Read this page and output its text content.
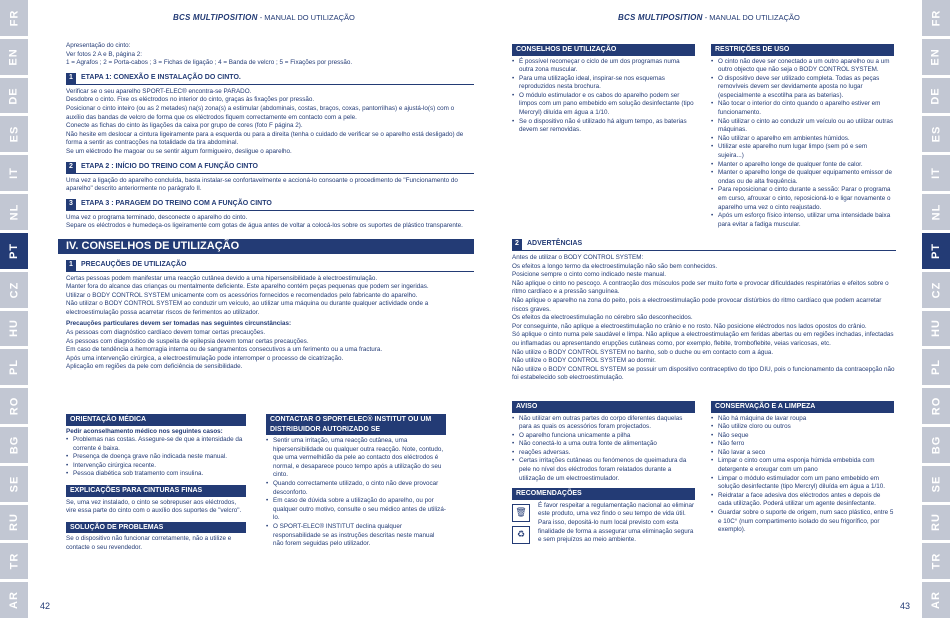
FR
EN
DE
ES
IT
NL
PT
CZ
HU
PL
RO
BG
SE
RU
TR
AR
FR
EN
DE
ES
IT
NL
PT
CZ
HU
PL
RO
BG
SE
RU
TR
AR
BCS MULTIPOSITION - MANUAL DO UTILIZAÇÃO	BCS MULTIPOSITION - MANUAL DO UTILIZAÇÃO

Apresentação do cinto:

Ver fotos 2 A e B, página 2:

1 = Agrafos ; 2 = Porta-cabos ; 3 = Fichas de ligação ; 4 = Banda de velcro ; 5 = Fixações por pressão.

1	ETAPA 1: CONEXÃO E INSTALAÇÃO DO CINTO.

Verificar se o seu aparelho SPORT-ELEC® encontra-se PARADO.

Desdobre o cinto. Fixe os eléctrodos no interior do cinto, graças às fixações por pressão.

Posicionar o cinto inteiro (ou as 2 metades) na(s) zona(s) a estimular (abdominais, costas, braços, coxas, pantorrilhas) e ajustá-lo(s) com o auxílio das bandas de velcro de forma que os eléctrodos fiquem correctamente em contacto com a pele.

Conecte as fichas do cinto às ligações da caixa por grupo de cores (foto F página 2).

Não hesite em deslocar a cintura ligeiramente para a esquerda ou para a direita (tenha o cuidado de verificar se o aparelho está desligado) de forma a sentir as contracções na totalidade da tira abdominal.

Se um eléctrodo lhe magoar ou se sentir algum formigueiro, desligue o aparelho.

2	ETAPA 2 : INÍCIO DO TREINO COM A FUNÇÃO CINTO

Uma vez a ligação do aparelho concluída, basta instalar-se confortavelmente e accioná-lo consoante o procedimento de "Funcionamento do aparelho" descrito anteriormente no parágrafo II.

3	ETAPA 3 : PARAGEM DO TREINO COM A FUNÇÃO CINTO

Uma vez o programa terminado, desconecte o aparelho do cinto.

Separe os eléctrodos e humedeça-os ligeiramente com gotas de água antes de voltar a colocá-los sobre os suportes de plástico transparente.

IV. CONSELHOS DE UTILIZAÇÃO
1	PRECAUÇÕES DE UTILIZAÇÃO

Certas pessoas podem manifestar uma reacção cutânea devido a uma hipersensibilidade à electroestimulação.

Manter fora do alcance das crianças ou mentalmente deficiente. Este aparelho contém peças pequenas que podem ser ingeridas.

Utilizar o BODY CONTROL SYSTEM unicamente com os acessórios fornecidos e recomendados pelo fabricante do aparelho.

Não utilizar o BODY CONTROL SYSTEM ao conduzir um veículo, ao utilizar uma máquina ou durante qualquer actividade onde a electroestimulação possa acarretar riscos de ferimentos ao utilizador.

Precauções particulares devem ser tomadas nas seguintes circunstâncias:

As pessoas com diagnóstico cardíaco devem tomar certas precauções.

As pessoas com diagnóstico de suspeita de epilepsia devem tomar certas precauções.

Em caso de tendência a hemorragia interna ou de sangramentos consecutivos a um ferimento ou a uma fractura.

Após uma intervenção cirúrgica, a electroestimulação pode interromper o processo de cicatrização.

Aplicação em regiões da pele com deficiência de sensibilidade.

ORIENTAÇÃO MÉDICA

Pedir aconselhamento médico nos seguintes casos:

• Problemas nas costas. Assegure-se de que a intensidade da corrente é baixa.
• Presença de doença grave não indicada neste manual.
• Intervenção cirúrgica recente.
• Pessoa diabética sob tratamento com insulina.
EXPLICAÇÕES PARA CINTURAS FINAS

Se, uma vez instalado, o cinto se sobrepuser aos eléctrodos, vire essa parte do cinto com o auxílio dos suportes de "velcro".

SOLUÇÃO DE PROBLEMAS

Se o dispositivo não funcionar corretamente, não a utilize e contacte o seu revendedor.

CONTACTAR O SPORT-ELEC® INSTITUT OU UM DISTRIBUIDOR AUTORIZADO SE
• Sentir uma irritação, uma reacção cutânea, uma hipersensibilidade ou qualquer outra reacção. Note, contudo, que uma vermelhidão da pele ao contacto dos eléctrodos é normal, e desaparece pouco tempo após a utilização do seu cinto.
• Quando correctamente utilizado, o cinto não deve provocar desconforto.
• Em caso de dúvida sobre a utilização do aparelho, ou por qualquer outro motivo, consulte o seu médico antes de utilizá-lo.
• O SPORT-ELEC® INSTITUT declina qualquer responsabilidade se as instruções descritas neste manual não forem seguidas pelo utilizador.
CONSELHOS DE UTILIZAÇÃO
• É possível recomeçar o ciclo de um dos programas numa outra zona muscular.
• Para uma utilização ideal, inspirar-se nos esquemas reproduzidos nesta brochura.
• O módulo estimulador e os cabos do aparelho podem ser limpos com um pano embebido em solução desinfectante (tipo Mercryl) diluída em água a 1/10.
• Se o dispositivo não é utilizado há algum tempo, as baterias devem ser removidas.
RESTRIÇÕES DE USO
• O cinto não deve ser conectado a um outro aparelho ou a um outro objecto que não seja o BODY CONTROL SYSTEM.
• O dispositivo deve ser utilizado completa. Todas as peças removíveis devem ser devidamente aposta no lugar (especialmente a escotilha para as baterias).
• Não tocar o interior do cinto quando o aparelho estiver em funcionamento.
• Não utilizar o cinto ao conduzir um veículo ou ao utilizar outras máquinas.
• Não utilizar o aparelho em ambientes húmidos.
• Utilizar este aparelho num lugar limpo (sem pó e sem sujeira...)
• Manter o aparelho longe de qualquer fonte de calor.
• Manter o aparelho longe de qualquer equipamento emissor de ondas ou de alta frequência.
• Para reposicionar o cinto durante a sessão: Parar o programa em curso, afrouxar o cinto, reposicioná-lo e ligar novamente o aparelho uma vez o cinto reajustado.
• Após um esforço físico intenso, utilizar uma intensidade baixa para evitar a fadiga muscular.
2	ADVERTÊNCIAS

Antes de utilizar o BODY CONTROL SYSTEM:

Os efeitos a longo termo da electroestimulação não são bem conhecidos.

Posicione sempre o cinto como indicado neste manual.

Não aplique o cinto no pescoço. A contracção dos músculos pode ser muito forte e provocar dificuldades respiratórias e efeitos sobre o ritmo cardíaco e a pressão sanguínea.

Não aplique o aparelho na zona do peito, pois a electroestimulação pode provocar distúrbios do ritmo cardíaco que podem acarretar riscos graves.

Os efeitos da electroestimulação no cérebro são desconhecidos.

Por conseguinte, não aplique a electroestimulação no crânio e no rosto. Não posicione eléctrodos nos lados opostos do crânio.

Só aplique o cinto numa pele saudável e limpa. Não aplique a electroestimulação em feridas abertas ou em regiões inchadas, infectadas ou inflamadas ou apresentando erupções cutâneas como, por exemplo, flebite, tromboflebite, veias varicosas, etc.

Não utilize o BODY CONTROL SYSTEM no banho, sob o duche ou em contacto com a água.

Não utilize o BODY CONTROL SYSTEM ao dormir.

Não utilize o BODY CONTROL SYSTEM se possuir um dispositivo contraceptivo do tipo DIU, pois o funcionamento da contracepção não foi estabelecido sob electroestimulação.

AVISO
• Não utilizar em outras partes do corpo diferentes daquelas para as quais os acessórios foram projectados.
• O aparelho funciona unicamente a pilha
• Não conectá-lo a uma outra fonte de alimentação
• reações adversas.
• Certas irritações cutâneas ou fenómenos de queimadura da pele no nível dos eléctrodos foram relatados durante a utilização de um electroestimulador.
RECOMENDAÇÕES
🗑
♻

É favor respeitar a regulamentação nacional ao eliminar este produto, uma vez findo o seu tempo de vida útil. Para isso, depositá-lo num local previsto com esta finalidade de forma a assegurar uma eliminação segura e sem prejuízos ao meio ambiente.

CONSERVAÇÃO E A LIMPEZA
• Não há máquina de lavar roupa
• Não utilize cloro ou outros
• Não seque
• Não ferro
• Não lavar a seco
• Limpar o cinto com uma esponja húmida embebida com detergente e enxugar com um pano
• Limpar o módulo estimulador com um pano embebido em solução desinfectante (tipo Mercryl) diluída em água a 1/10.
• Reidratar a face adesiva dos eléctrodos antes e depois de cada utilização. Poderá utilizar um agente desinfectante.
• Guardar sobre o suporte de origem, num saco plástico, entre 5 e 10C° (num compartimento isolado do seu frigorífico, por exemplo).
42	43
